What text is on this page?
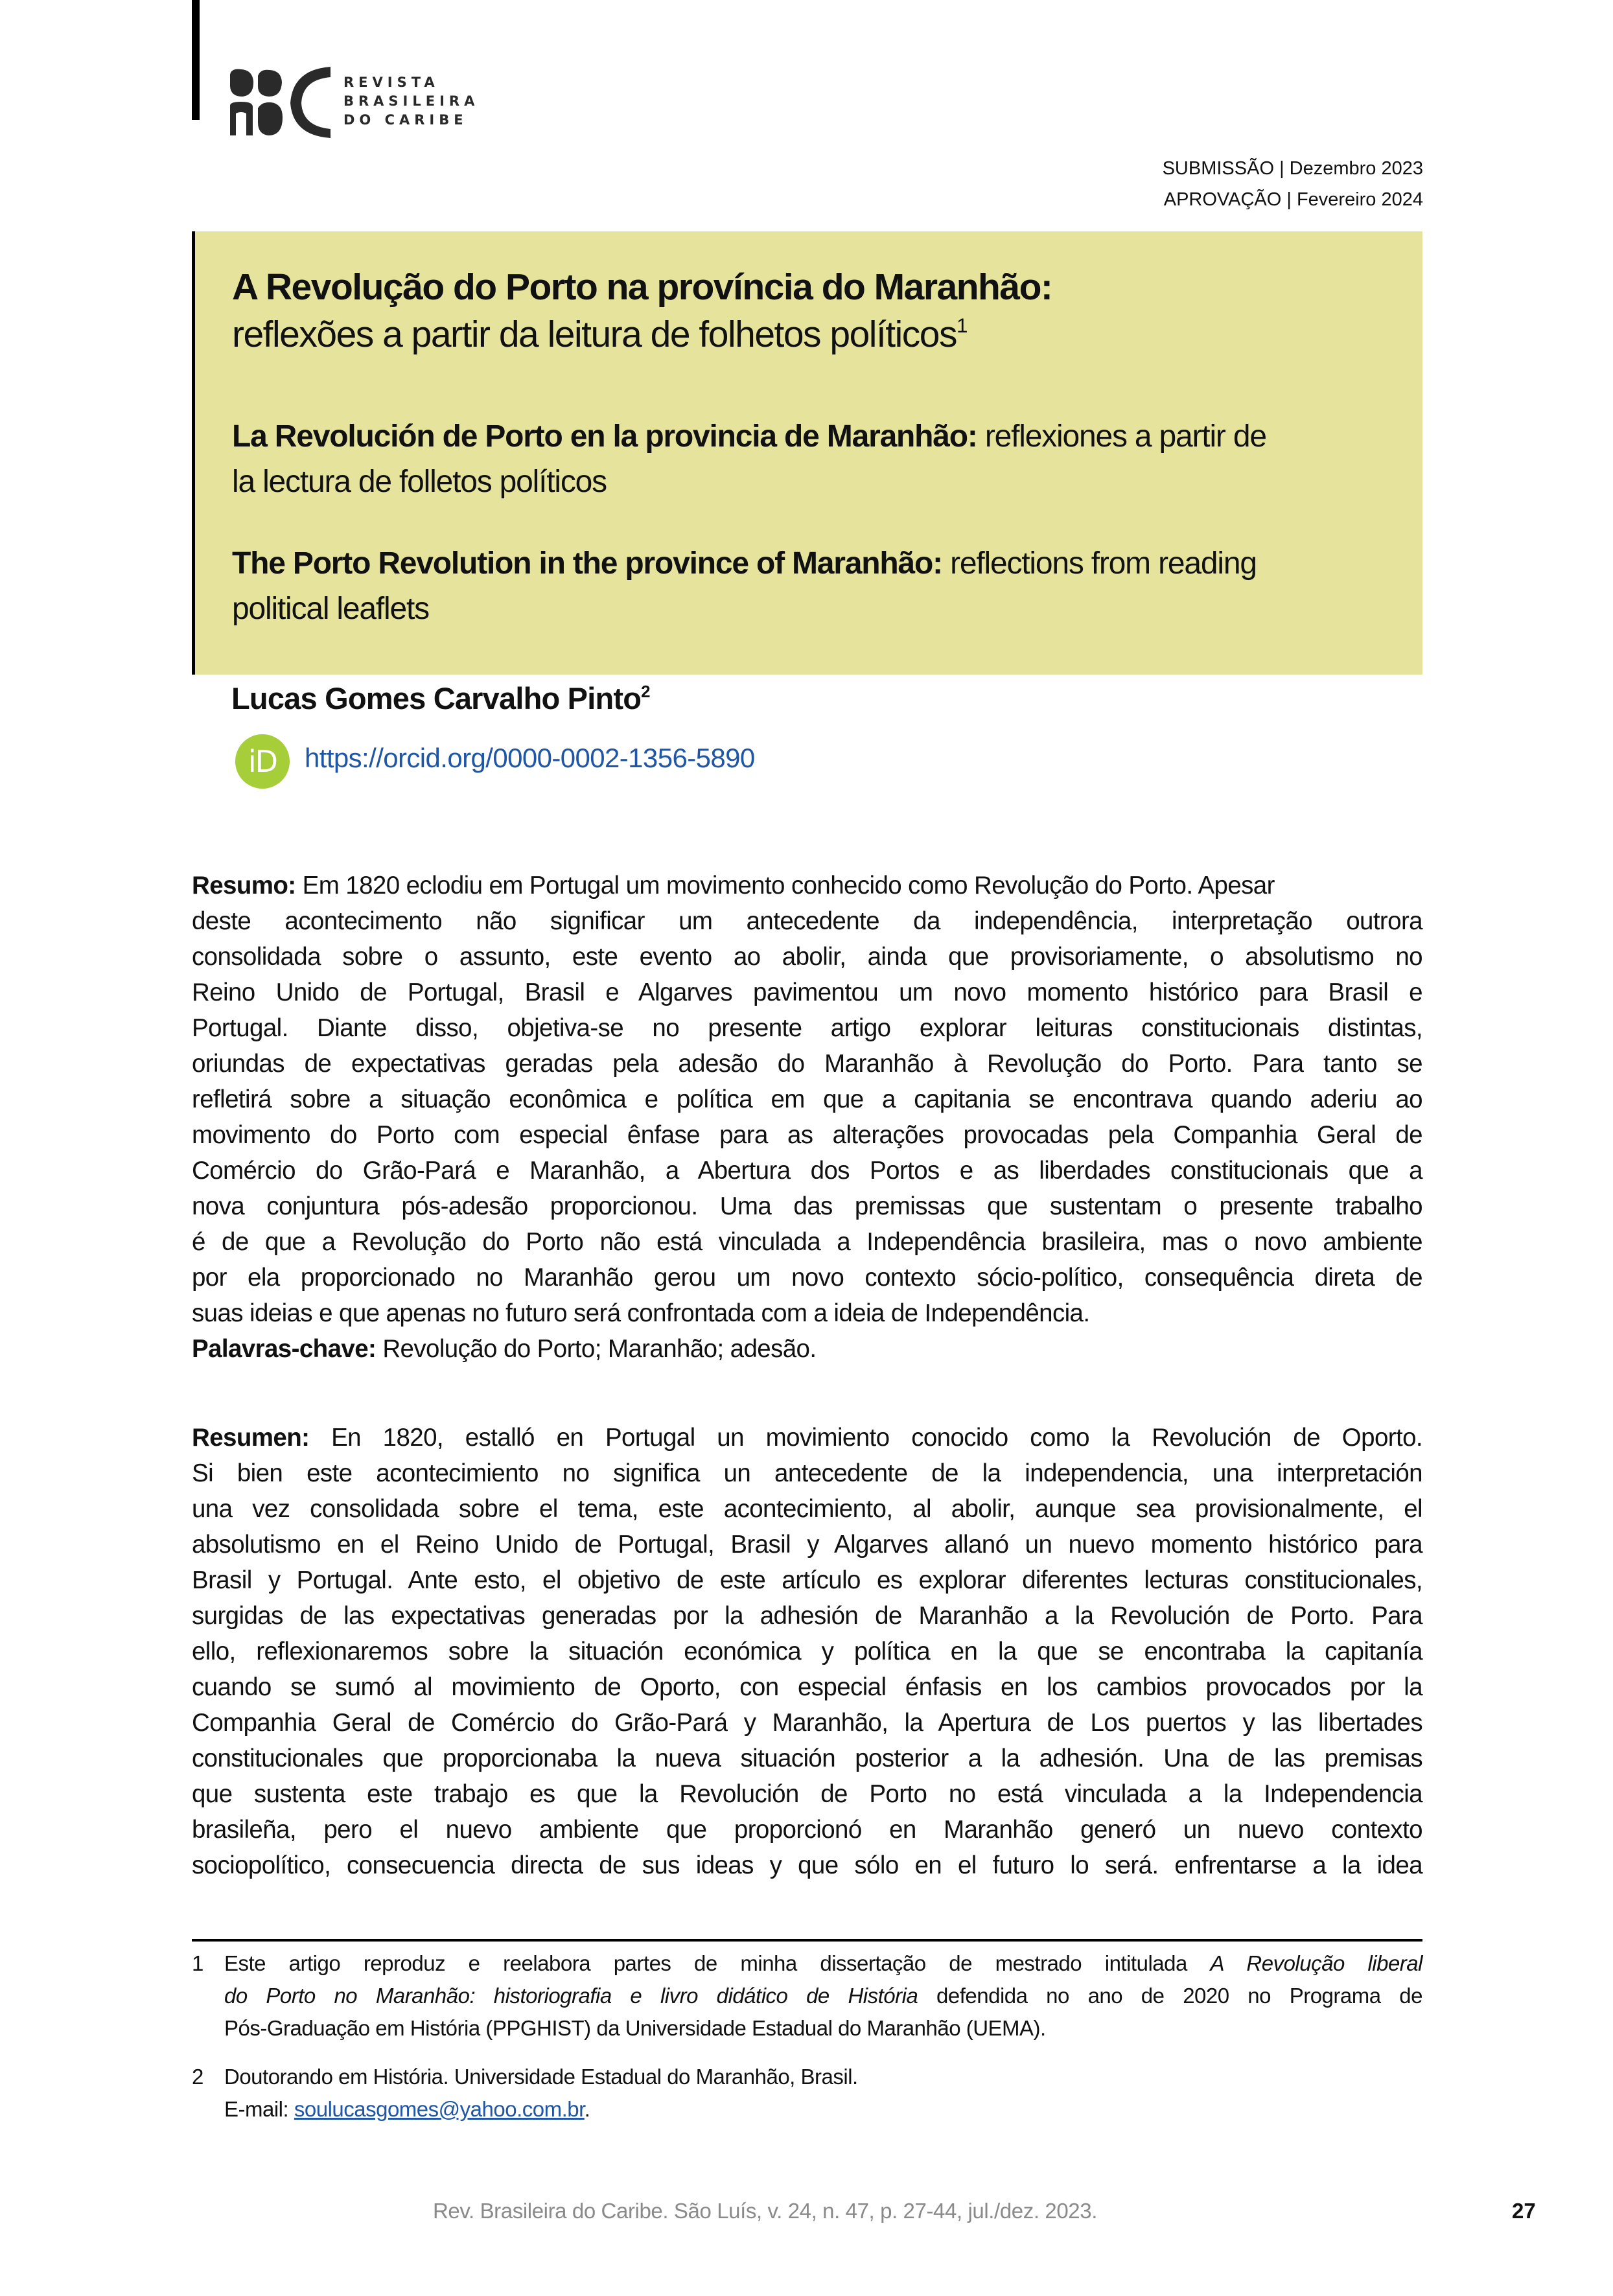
REVISTA
BRASILEIRA
DO CARIBE
SUBMISSÃO | Dezembro 2023
APROVAÇÃO | Fevereiro 2024
A Revolução do Porto na província do Maranhão:
reflexões a partir da leitura de folhetos políticos$^1$
La Revolución de Porto en la provincia de Maranhão: reflexiones a partir de
la lectura de folletos políticos
The Porto Revolution in the province of Maranhão: reflections from reading
political leaflets
Lucas Gomes Carvalho Pinto$^2$
iD	https://orcid.org/0000-0002-1356-5890
Resumo: Em 1820 eclodiu em Portugal um movimento conhecido como Revolução do Porto. Apesar
deste acontecimento não significar um antecedente da independência, interpretação outrora
consolidada sobre o assunto, este evento ao abolir, ainda que provisoriamente, o absolutismo no
Reino Unido de Portugal, Brasil e Algarves pavimentou um novo momento histórico para Brasil e
Portugal. Diante disso, objetiva-se no presente artigo explorar leituras constitucionais distintas,
oriundas de expectativas geradas pela adesão do Maranhão à Revolução do Porto. Para tanto se
refletirá sobre a situação econômica e política em que a capitania se encontrava quando aderiu ao
movimento do Porto com especial ênfase para as alterações provocadas pela Companhia Geral de
Comércio do Grão-Pará e Maranhão, a Abertura dos Portos e as liberdades constitucionais que a
nova conjuntura pós-adesão proporcionou. Uma das premissas que sustentam o presente trabalho
é de que a Revolução do Porto não está vinculada a Independência brasileira, mas o novo ambiente
por ela proporcionado no Maranhão gerou um novo contexto sócio-político, consequência direta de
suas ideias e que apenas no futuro será confrontada com a ideia de Independência.
Palavras-chave: Revolução do Porto; Maranhão; adesão.
Resumen: En 1820, estalló en Portugal un movimiento conocido como la Revolución de Oporto.
Si bien este acontecimiento no significa un antecedente de la independencia, una interpretación
una vez consolidada sobre el tema, este acontecimiento, al abolir, aunque sea provisionalmente, el
absolutismo en el Reino Unido de Portugal, Brasil y Algarves allanó un nuevo momento histórico para
Brasil y Portugal. Ante esto, el objetivo de este artículo es explorar diferentes lecturas constitucionales,
surgidas de las expectativas generadas por la adhesión de Maranhão a la Revolución de Porto. Para
ello, reflexionaremos sobre la situación económica y política en la que se encontraba la capitanía
cuando se sumó al movimiento de Oporto, con especial énfasis en los cambios provocados por la
Companhia Geral de Comércio do Grão-Pará y Maranhão, la Apertura de Los puertos y las libertades
constitucionales que proporcionaba la nueva situación posterior a la adhesión. Una de las premisas
que sustenta este trabajo es que la Revolución de Porto no está vinculada a la Independencia
brasileña, pero el nuevo ambiente que proporcionó en Maranhão generó un nuevo contexto
sociopolítico, consecuencia directa de sus ideas y que sólo en el futuro lo será. enfrentarse a la idea
1 Este artigo reproduz e reelabora partes de minha dissertação de mestrado intitulada A Revolução liberal
do Porto no Maranhão: historiografia e livro didático de História defendida no ano de 2020 no Programa de
Pós-Graduação em História (PPGHIST) da Universidade Estadual do Maranhão (UEMA).
2 Doutorando em História. Universidade Estadual do Maranhão, Brasil.
E-mail: soulucasgomes@yahoo.com.br.
Rev. Brasileira do Caribe. São Luís, v. 24, n. 47, p. 27-44, jul./dez. 2023.	27
